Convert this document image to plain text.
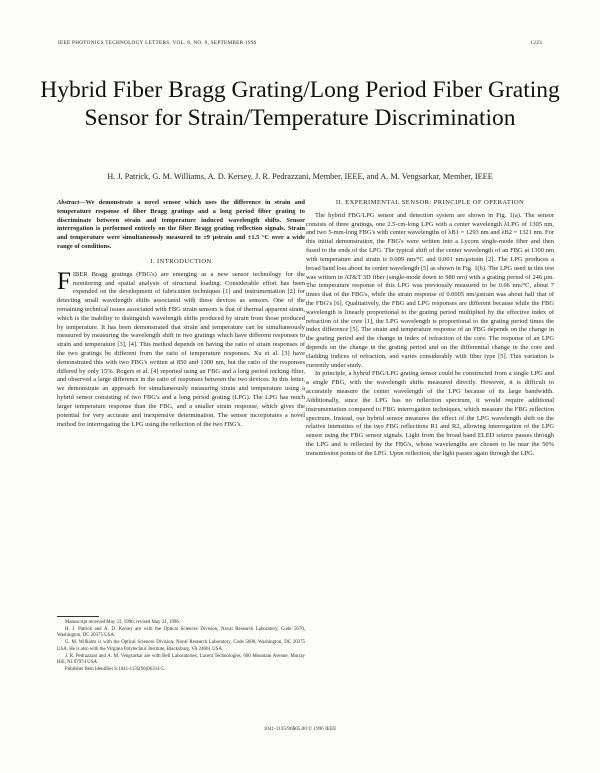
IEEE PHOTONICS TECHNOLOGY LETTERS, VOL. 8, NO. 9, SEPTEMBER 1996	1223
Hybrid Fiber Bragg Grating/Long Period Fiber Grating Sensor for Strain/Temperature Discrimination
H. J. Patrick, G. M. Williams, A. D. Kersey, J. R. Pedrazzani, Member, IEEE, and A. M. Vengsarkar, Member, IEEE

Abstract—We demonstrate a novel sensor which uses the difference in strain and temperature response of fiber Bragg gratings and a long period fiber grating to discriminate between strain and temperature induced wavelength shifts. Sensor interrogation is performed entirely on the fiber Bragg grating reflection signals. Strain and temperature were simultaneously measured to ±9 μstrain and ±1.5 °C over a wide range of conditions.

I. INTRODUCTION

FIBER Bragg gratings (FBG's) are emerging as a new sensor technology for the monitoring and spatial analysis of structural loading. Considerable effort has been expended on the development of fabrication techniques [1] and instrumentation [2] for detecting small wavelength shifts associated with these devices as sensors. One of the remaining technical issues associated with FBG strain sensors is that of thermal apparent strain, which is the inability to distinguish wavelength shifts produced by strain from those produced by temperature. It has been demonstrated that strain and temperature can be simultaneously measured by measuring the wavelength shift in two gratings which have different responses to strain and temperature [3], [4]. This method depends on having the ratio of strain responses of the two gratings be different from the ratio of temperature responses. Xu et al. [3] have demonstrated this with two FBG's written at 850 and 1300 nm, but the ratio of the responses differed by only 15%. Rogers et al. [4] reported using an FBG and a long period rocking filter, and observed a large difference in the ratio of responses between the two devices. In this letter, we demonstrate an approach for simultaneously measuring strain and temperature using a hybrid sensor consisting of two FBG's and a long period grating (LPG). The LPG has much larger temperature response than the FBG, and a smaller strain response, which gives the potential for very accurate and inexpensive determination. The sensor incorporates a novel method for interrogating the LPG using the reflection of the two FBG's.

Manuscript received May 23, 1996; revised May 31, 1996.

H. J. Patrick and A. D. Kersey are with the Optical Sciences Division, Naval Research Laboratory, Code 5670, Washington, DC 20375 USA.

G. M. Williams is with the Optical Sciences Division, Naval Research Laboratory, Code 5600, Washington, DC 20375 USA. He is also with the Virginia Polytechnic Institute, Blacksburg, VA 24061 USA.

J. R. Pedrazzani and A. M. Vengsarkar are with Bell Laboratories, Lucent Technologies, 600 Mountain Avenue, Murray Hill, NJ 07974 USA.

Publisher Item Identifier S 1041-1135(96)06314-5.

II. EXPERIMENTAL SENSOR: PRINCIPLE OF OPERATION

The hybrid FBG/LPG sensor and detection system are shown in Fig. 1(a). The sensor consists of three gratings, one 2.5-cm-long LPG with a center wavelength λLPG of 1305 nm, and two 5-mm-long FBG's with center wavelengths of λB1 = 1293 nm and λB2 = 1321 nm. For this initial demonstration, the FBG's were written into a Lycom single-mode fiber and then fused to the ends of the LPG. The typical shift of the center wavelength of an FBG at 1300 nm with temperature and strain is 0.009 nm/°C and 0.001 nm/μstrain [2]. The LPG produces a broad band loss about its center wavelength [5] as shown in Fig. 1(b). The LPG used in this test was written in AT&T 3D fiber (single-mode down to 980 nm) with a grating period of 246 μm. The temperature response of this LPG was previously measured to be 0.06 nm/°C, about 7 times that of the FBG's, while the strain response of 0.0005 nm/μstrain was about half that of the FBG's [6]. Qualitatively, the FBG and LPG responses are different because while the FBG wavelength is linearly proportional to the grating period multiplied by the effective index of refraction of the core [1], the LPG wavelength is proportional to the grating period times the index difference [5]. The strain and temperature response of an FBG depends on the change in the grating period and the change in index of refraction of the core. The response of an LPG depends on the change in the grating period and on the differential change in the core and cladding indices of refraction, and varies considerably with fiber type [5]. This variation is currently under study.

In principle, a hybrid FBG/LPG grating sensor could be constructed from a single LPG and a single FBG, with the wavelength shifts measured directly. However, it is difficult to accurately measure the center wavelength of the LPG because of its large bandwidth. Additionally, since the LPG has no reflection spectrum, it would require additional instrumentation compared to FBG interrogation techniques, which measure the FBG reflection spectrum. Instead, our hybrid sensor measures the effect of the LPG wavelength shift on the relative intensities of the two FBG reflections R1 and R2, allowing interrogation of the LPG sensor using the FBG sensor signals. Light from the broad band ELED source passes through the LPG and is reflected by the FBG's, whose wavelengths are chosen to lie near the 50% transmission points of the LPG. Upon reflection, the light passes again through the LPG.

1041-1135/96$05.00 © 1996 IEEE
